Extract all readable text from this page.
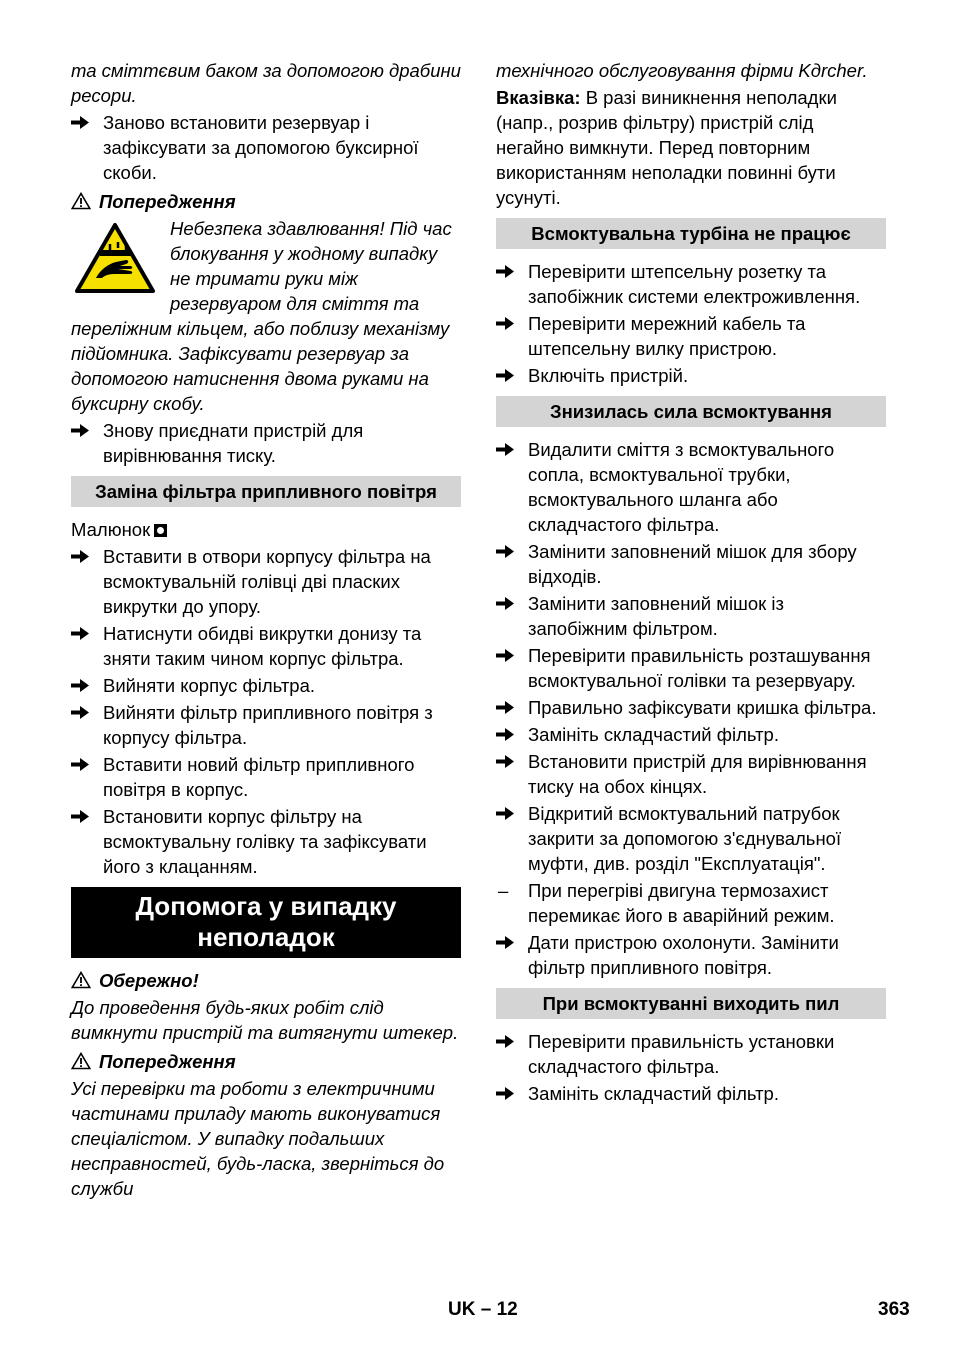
та сміттєвим баком за допомогою драбини ресори.

Заново встановити резервуар і зафіксувати за допомогою буксирної скоби.

Попередження

Небезпека здавлювання! Під час блокування у жодному випадку не тримати руки між резервуаром для сміття та переліжним кільцем, або поблизу механізму підйомника. Зафіксувати резервуар за допомогою натиснення двома руками на буксирну скобу.

Знову приєднати пристрій для вирівнювання тиску.
Заміна фільтра припливного повітря

Малюнок

Вставити в отвори корпусу фільтра на всмоктувальній голівці дві пласких викрутки до упору.
Натиснути обидві викрутки донизу та зняти таким чином корпус фільтра.
Вийняти корпус фільтра.
Вийняти фільтр припливного повітря з корпусу фільтра.
Вставити новий фільтр припливного повітря в корпус.
Встановити корпус фільтру на всмоктувальну голівку та зафіксувати його з клацанням.
Допомога у випадку неполадок

Обережно!

До проведення будь-яких робіт слід вимкнути пристрій та витягнути штекер.

Попередження

Усі перевірки та роботи з електричними частинами приладу мають виконуватися спеціалістом. У випадку подальших несправностей, будь-ласка, зверніться до служби

технічного обслуговування фірми Kдrcher.

Вказівка: В разі виникнення неполадки (напр., розрив фільтру) пристрій слід негайно вимкнути. Перед повторним використанням неполадки повинні бути усунуті.

Всмоктувальна турбіна не працює
Перевірити штепсельну розетку та запобіжник системи електроживлення.
Перевірити мережний кабель та штепсельну вилку пристрою.
Включіть пристрій.
Знизилась сила всмоктування
Видалити сміття з всмоктувального сопла, всмоктувальної трубки, всмоктувального шланга або складчастого фільтра.
Замінити заповнений мішок для збору відходів.
Замінити заповнений мішок із запобіжним фільтром.
Перевірити правильність розташування всмоктувальної голівки та резервуару.
Правильно зафіксувати кришка фільтра.
Замініть складчастий фільтр.
Встановити пристрій для вирівнювання тиску на обох кінцях.
Відкритий всмоктувальний патрубок закрити за допомогою з'єднувальної муфти, див. розділ "Експлуатація".
– При перегріві двигуна термозахист перемикає його в аварійний режим.
Дати пристрою охолонути. Замінити фільтр припливного повітря.
При всмоктуванні виходить пил
Перевірити правильність установки складчастого фільтра.
Замініть складчастий фільтр.
UK – 12	363
